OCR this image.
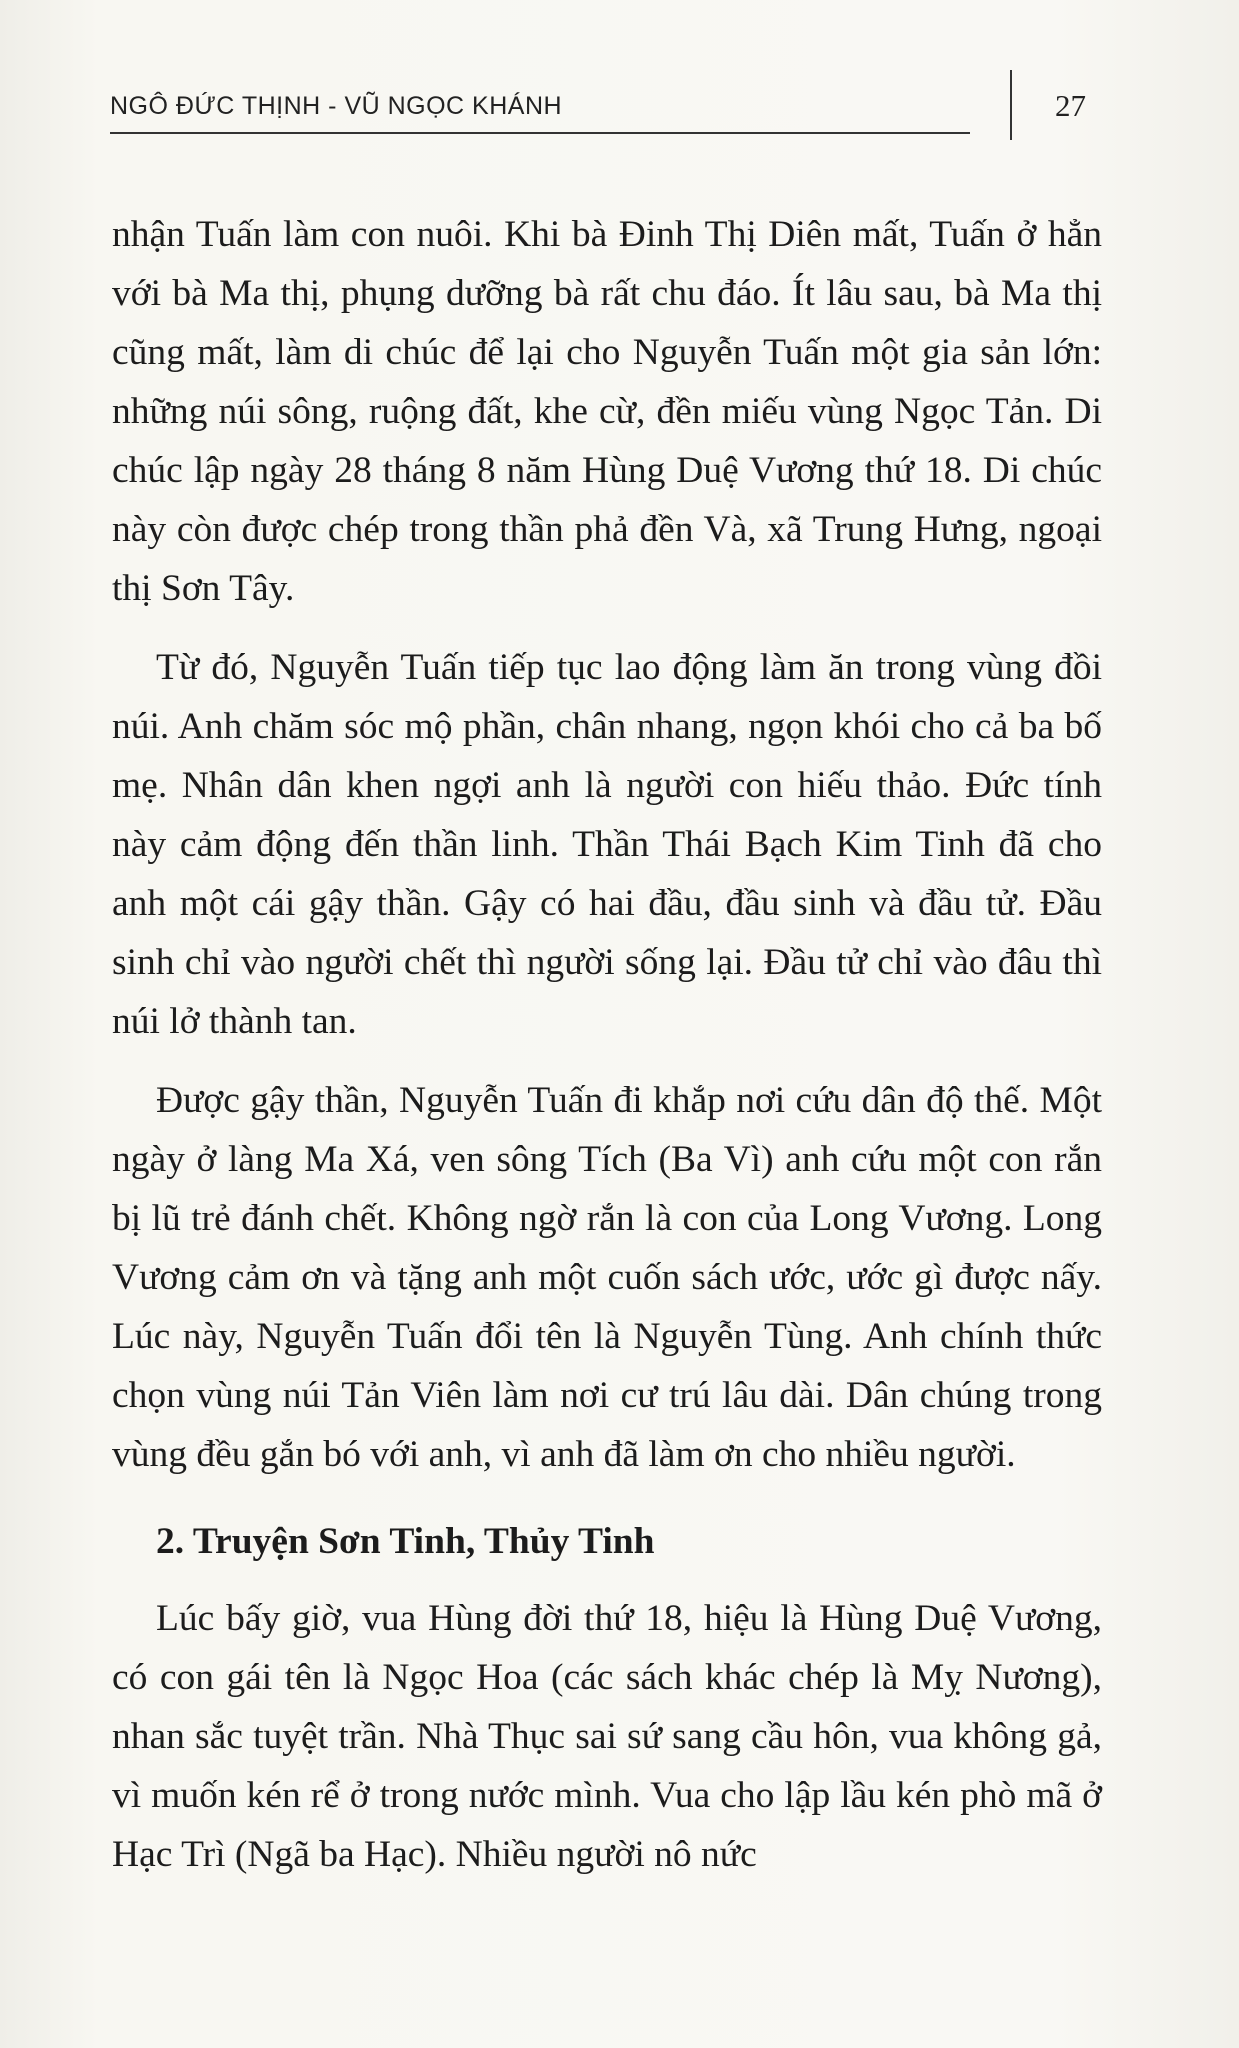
NGÔ ĐỨC THỊNH - VŨ NGỌC KHÁNH	27

nhận Tuấn làm con nuôi. Khi bà Đinh Thị Diên mất, Tuấn ở hẳn với bà Ma thị, phụng dưỡng bà rất chu đáo. Ít lâu sau, bà Ma thị cũng mất, làm di chúc để lại cho Nguyễn Tuấn một gia sản lớn: những núi sông, ruộng đất, khe cừ, đền miếu vùng Ngọc Tản. Di chúc lập ngày 28 tháng 8 năm Hùng Duệ Vương thứ 18. Di chúc này còn được chép trong thần phả đền Và, xã Trung Hưng, ngoại thị Sơn Tây.

Từ đó, Nguyễn Tuấn tiếp tục lao động làm ăn trong vùng đồi núi. Anh chăm sóc mộ phần, chân nhang, ngọn khói cho cả ba bố mẹ. Nhân dân khen ngợi anh là người con hiếu thảo. Đức tính này cảm động đến thần linh. Thần Thái Bạch Kim Tinh đã cho anh một cái gậy thần. Gậy có hai đầu, đầu sinh và đầu tử. Đầu sinh chỉ vào người chết thì người sống lại. Đầu tử chỉ vào đâu thì núi lở thành tan.

Được gậy thần, Nguyễn Tuấn đi khắp nơi cứu dân độ thế. Một ngày ở làng Ma Xá, ven sông Tích (Ba Vì) anh cứu một con rắn bị lũ trẻ đánh chết. Không ngờ rắn là con của Long Vương. Long Vương cảm ơn và tặng anh một cuốn sách ước, ước gì được nấy. Lúc này, Nguyễn Tuấn đổi tên là Nguyễn Tùng. Anh chính thức chọn vùng núi Tản Viên làm nơi cư trú lâu dài. Dân chúng trong vùng đều gắn bó với anh, vì anh đã làm ơn cho nhiều người.

2. Truyện Sơn Tinh, Thủy Tinh

Lúc bấy giờ, vua Hùng đời thứ 18, hiệu là Hùng Duệ Vương, có con gái tên là Ngọc Hoa (các sách khác chép là Mỵ Nương), nhan sắc tuyệt trần. Nhà Thục sai sứ sang cầu hôn, vua không gả, vì muốn kén rể ở trong nước mình. Vua cho lập lầu kén phò mã ở Hạc Trì (Ngã ba Hạc). Nhiều người nô nức
